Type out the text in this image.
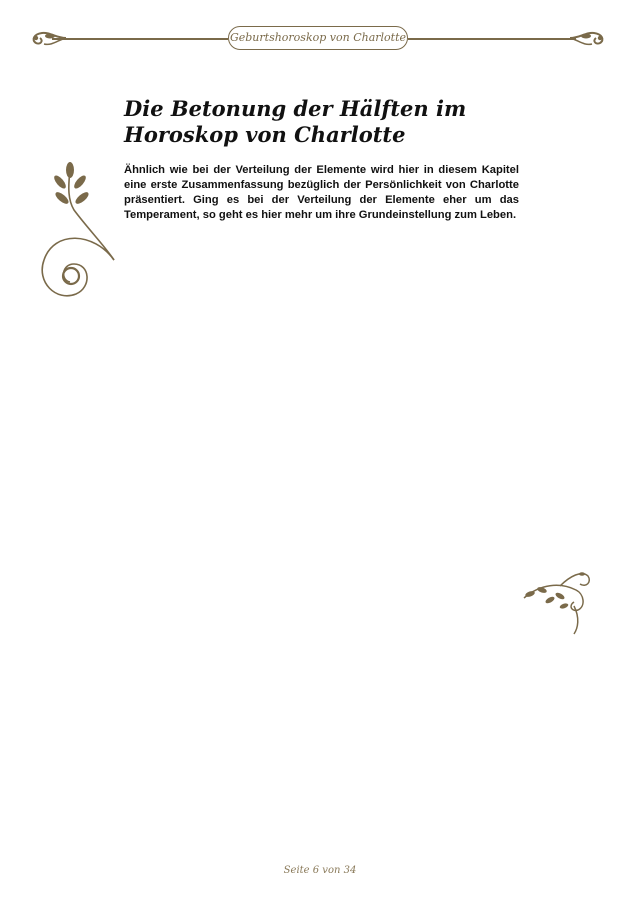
Geburtshoroskop von Charlotte
Die Betonung der Hälften im Horoskop von Charlotte

Ähnlich wie bei der Verteilung der Elemente wird hier in diesem Kapitel eine erste Zusammenfassung bezüglich der Persönlichkeit von Charlotte präsentiert. Ging es bei der Verteilung der Elemente eher um das Temperament, so geht es hier mehr um ihre Grundeinstellung zum Leben.

Seite 6 von 34
